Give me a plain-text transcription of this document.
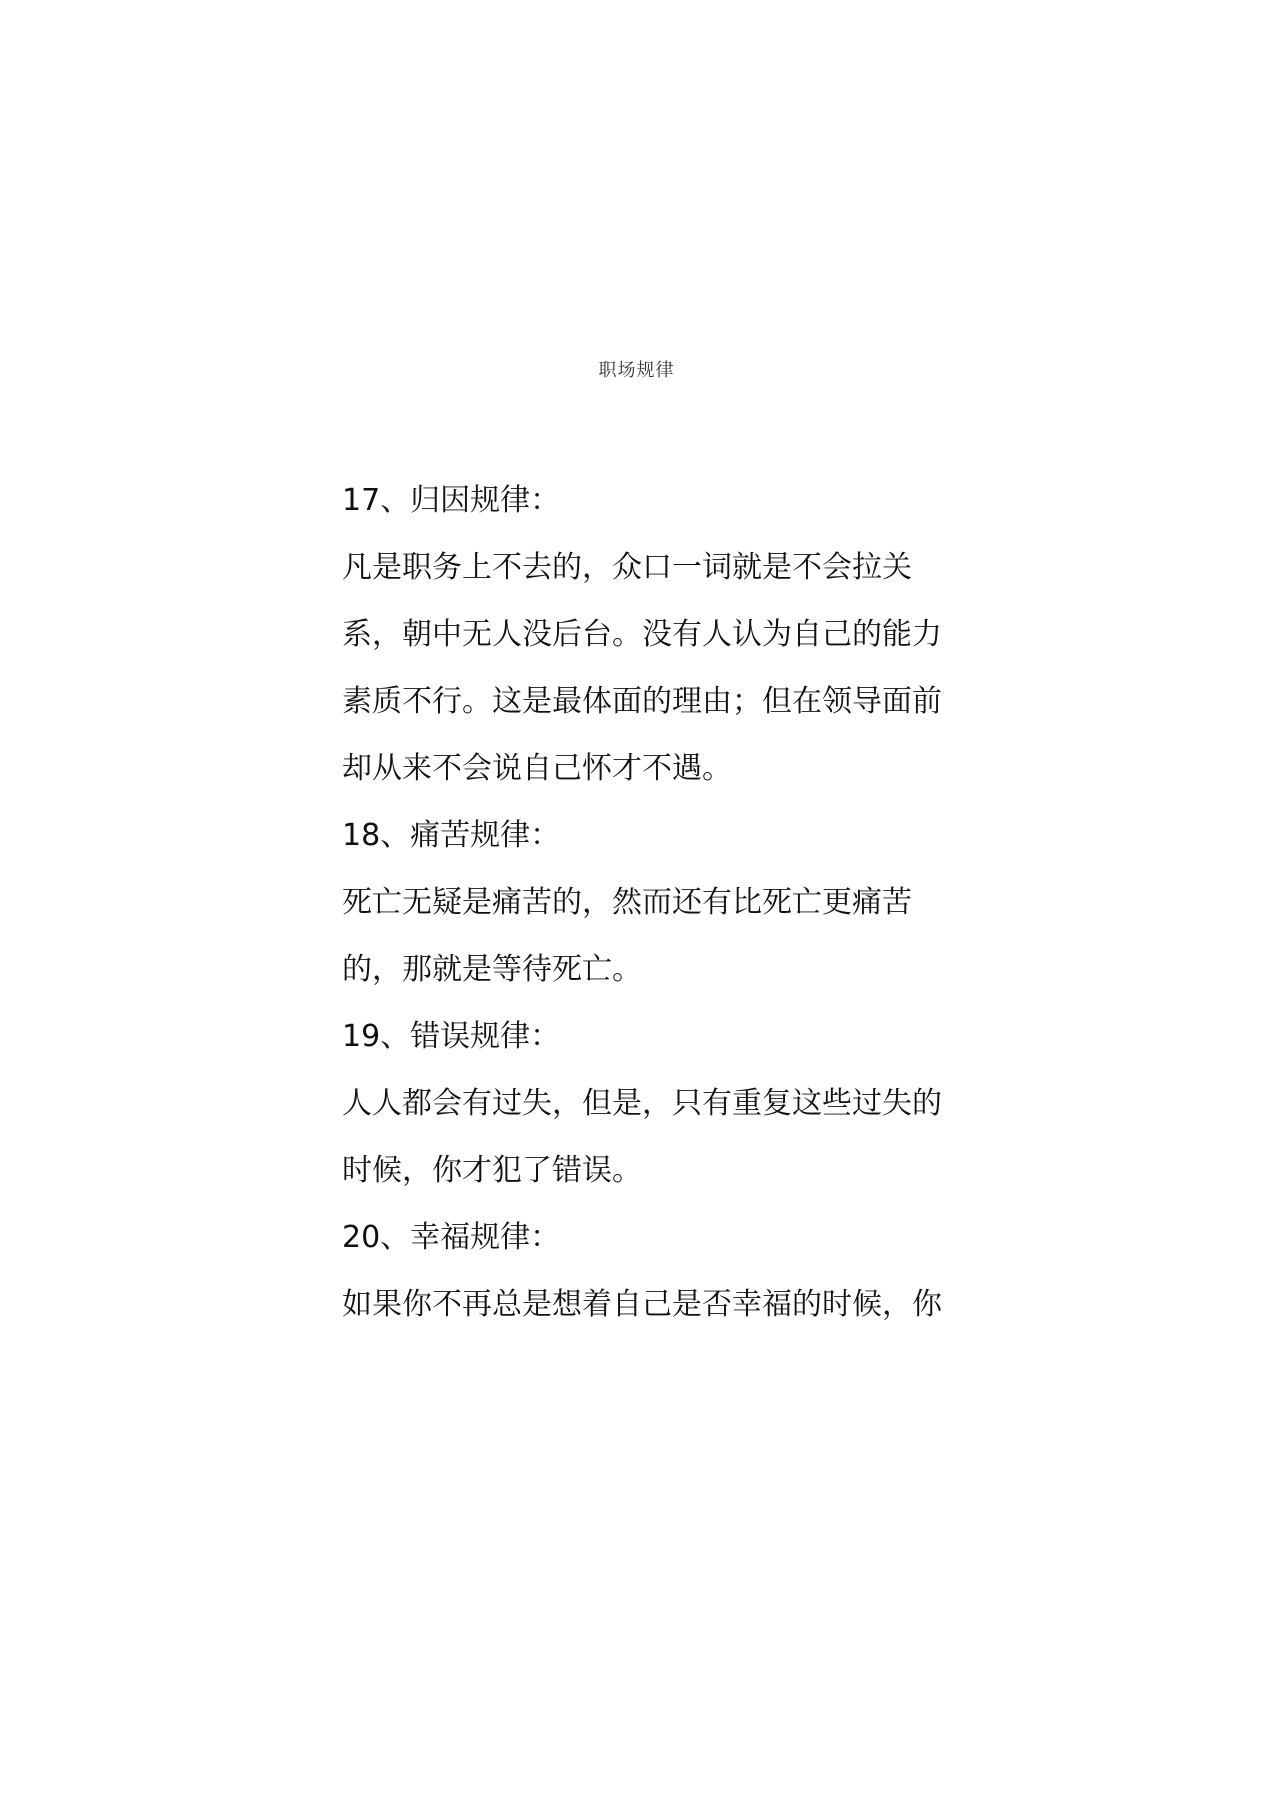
职场规律
17、归因规律：
凡是职务上不去的，众口一词就是不会拉关
系，朝中无人没后台。没有人认为自己的能力
素质不行。这是最体面的理由；但在领导面前
却从来不会说自己怀才不遇。
18、痛苦规律：
死亡无疑是痛苦的，然而还有比死亡更痛苦
的，那就是等待死亡。
19、错误规律：
人人都会有过失，但是，只有重复这些过失的
时候，你才犯了错误。
20、幸福规律：
如果你不再总是想着自己是否幸福的时候，你
